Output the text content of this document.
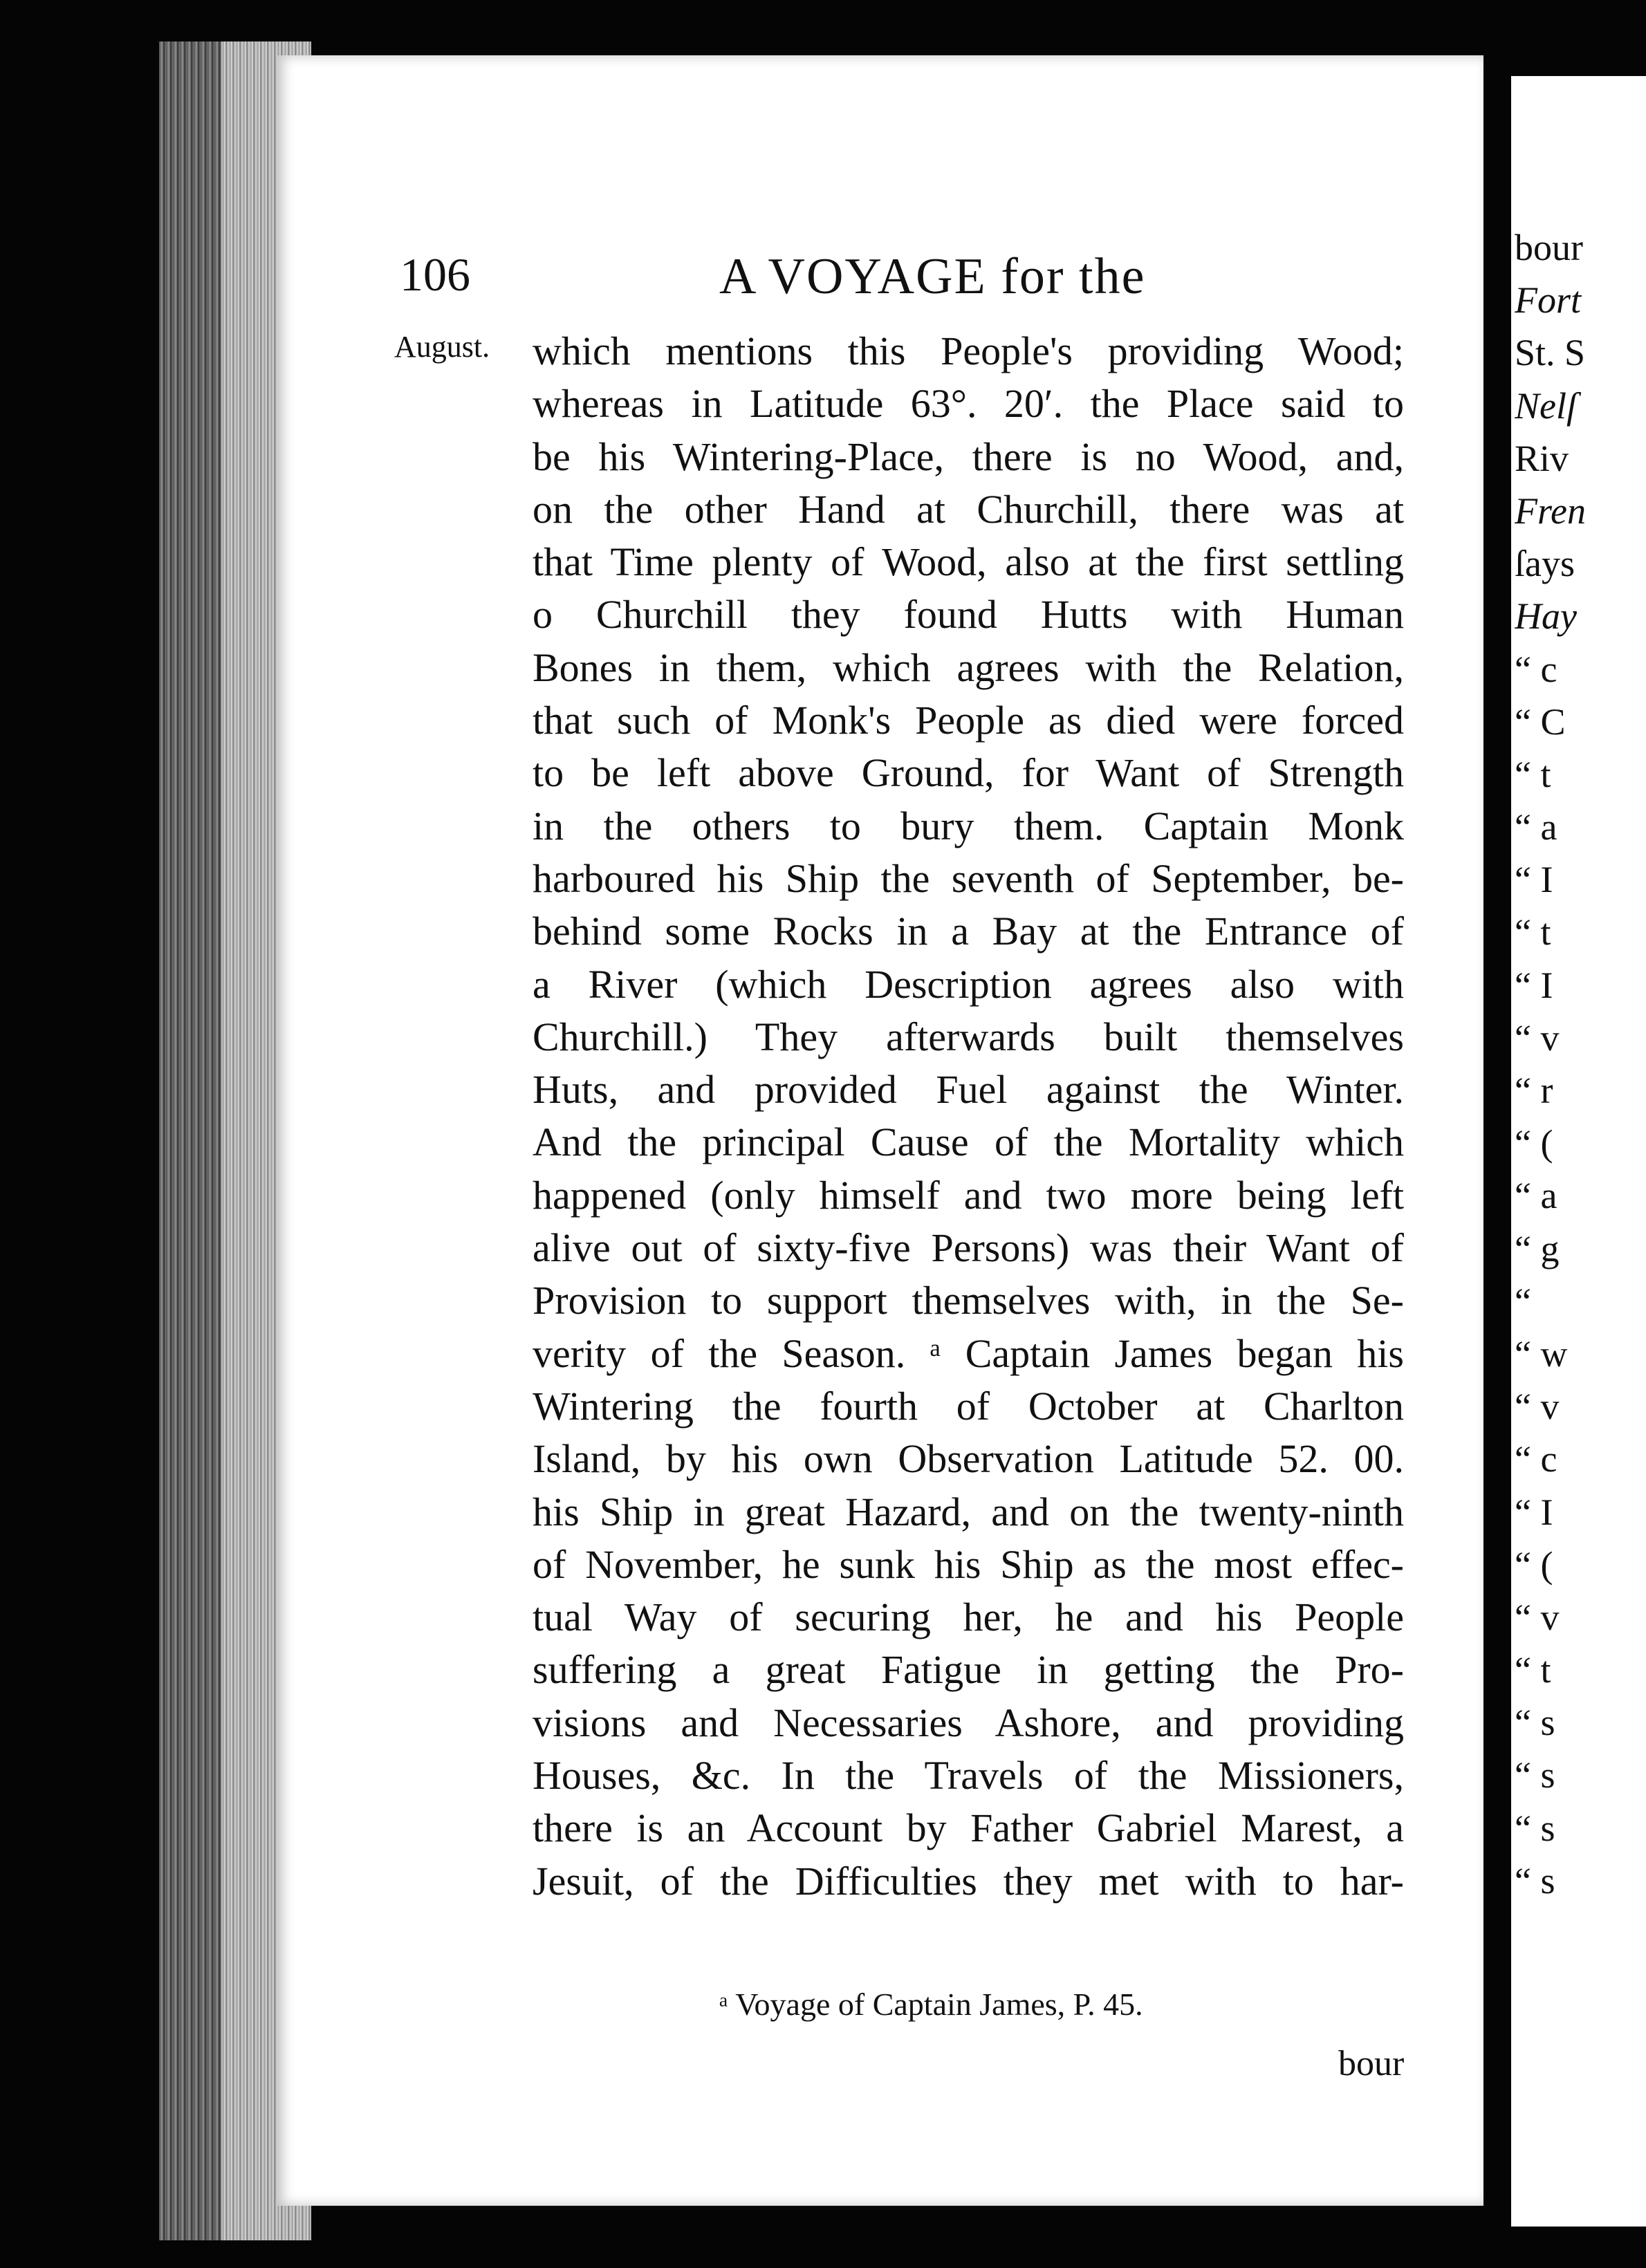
106	A VOYAGE for the
August. which mentions this People's providing Wood;
whereas in Latitude 63°. 20′. the Place said to
be his Wintering-Place, there is no Wood, and,
on the other Hand at Churchill, there was at
that Time plenty of Wood, also at the first settling
o Churchill they found Hutts with Human
Bones in them, which agrees with the Relation,
that such of Monk's People as died were forced
to be left above Ground, for Want of Strength
in the others to bury them. Captain Monk
harboured his Ship the seventh of September, be-
behind some Rocks in a Bay at the Entrance of
a River (which Description agrees also with
Churchill.) They afterwards built themselves
Huts, and provided Fuel against the Winter.
And the principal Cause of the Mortality which
happened (only himself and two more being left
alive out of sixty-five Persons) was their Want of
Provision to support themselves with, in the Se-
verity of the Season. ᵃ Captain James began his
Wintering the fourth of October at Charlton
Island, by his own Observation Latitude 52. 00.
his Ship in great Hazard, and on the twenty-ninth
of November, he sunk his Ship as the most effec-
tual Way of securing her, he and his People
suffering a great Fatigue in getting the Pro-
visions and Necessaries Ashore, and providing
Houses, &c. In the Travels of the Missioners,
there is an Account by Father Gabriel Marest, a
Jesuit, of the Difficulties they met with to har-
ᵃ Voyage of Captain James, P. 45.
bour
bour
Fort
St. S
Nelſ
Riv
Fren
ſays
Hay
“ c
“ C
“ t
“ a
“ I
“ t
“ I
“ v
“ r
“ (
“ a
“ g
“
“ w
“ v
“ c
“ I
“ (
“ v
“ t
“ s
“ s
“ s
“ s
